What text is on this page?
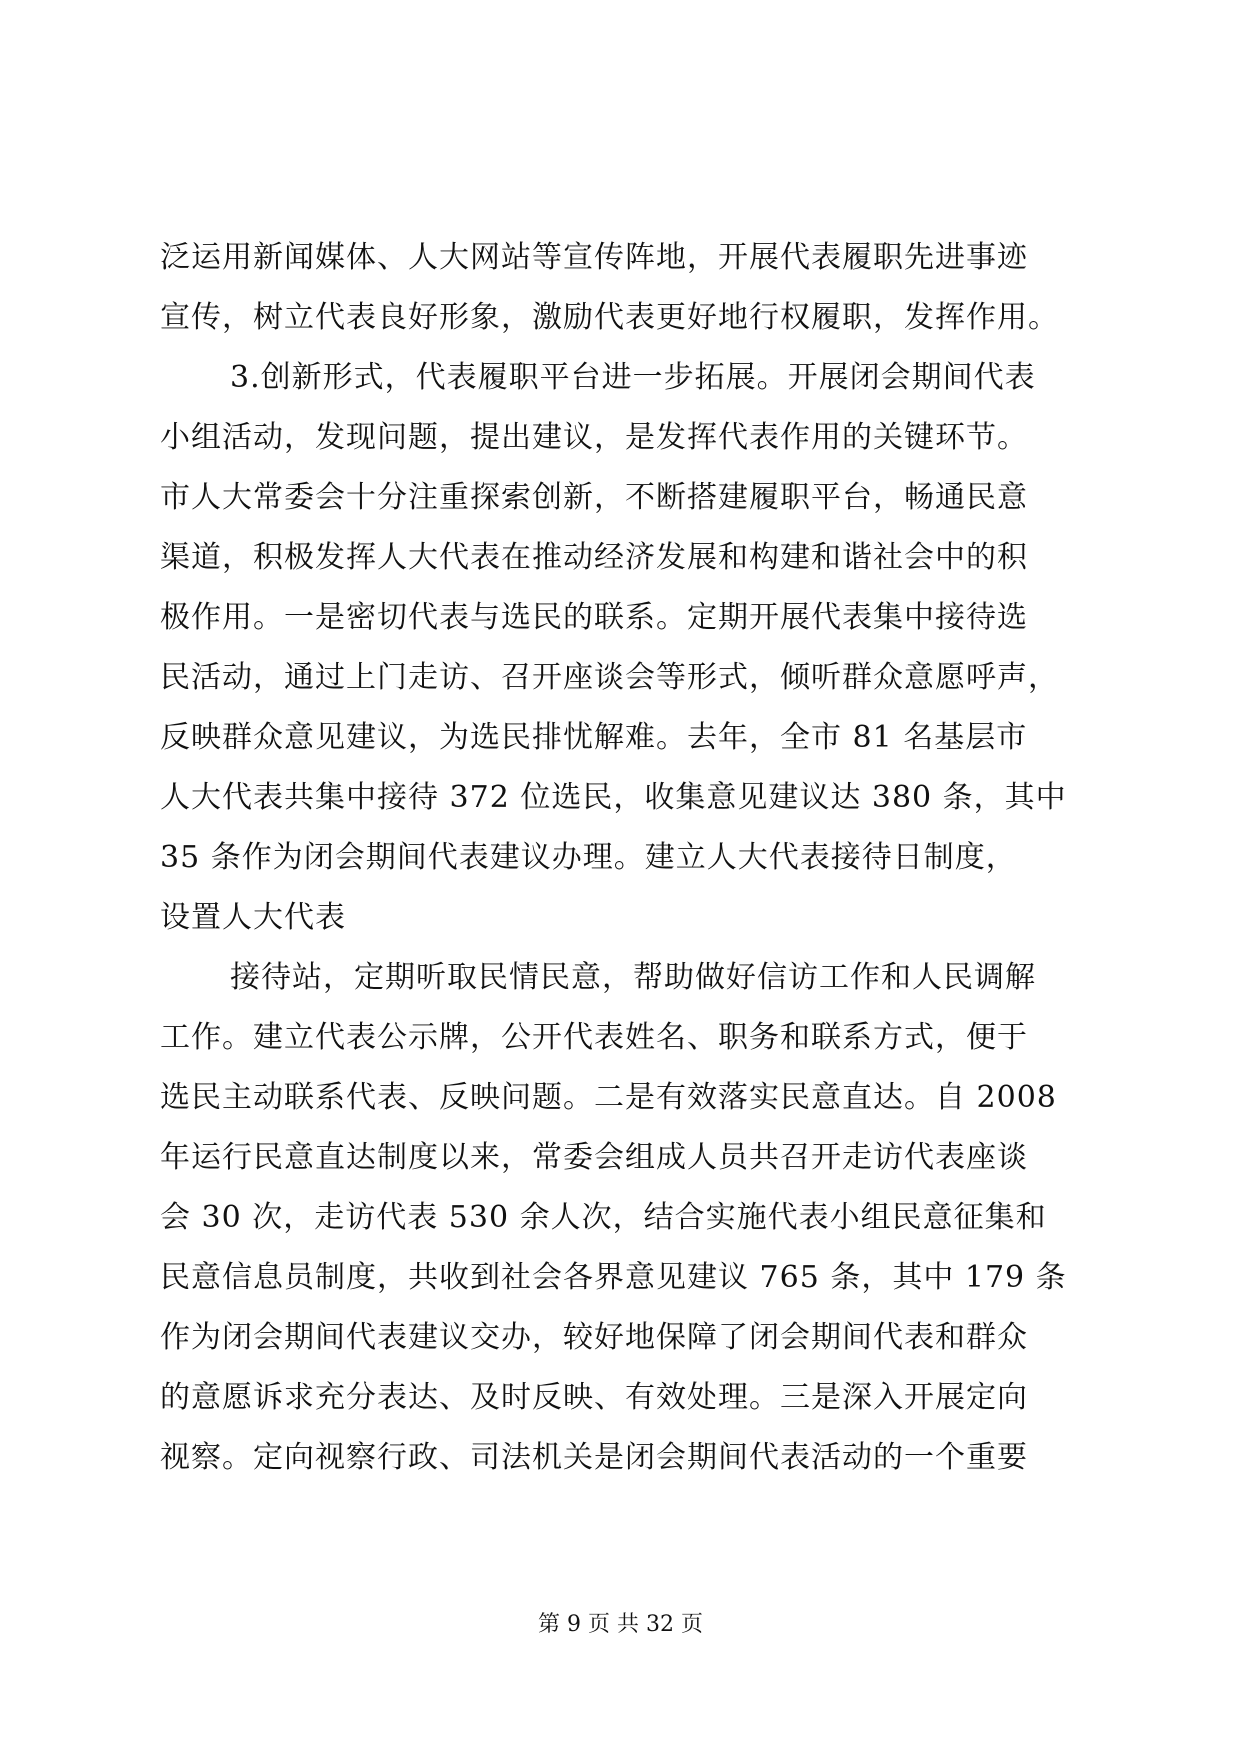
泛运用新闻媒体、人大网站等宣传阵地，开展代表履职先进事迹
宣传，树立代表良好形象，激励代表更好地行权履职，发挥作用。
3.创新形式，代表履职平台进一步拓展。开展闭会期间代表
小组活动，发现问题，提出建议，是发挥代表作用的关键环节。
市人大常委会十分注重探索创新，不断搭建履职平台，畅通民意
渠道，积极发挥人大代表在推动经济发展和构建和谐社会中的积
极作用。一是密切代表与选民的联系。定期开展代表集中接待选
民活动，通过上门走访、召开座谈会等形式，倾听群众意愿呼声，
反映群众意见建议，为选民排忧解难。去年，全市 81 名基层市
人大代表共集中接待 372 位选民，收集意见建议达 380 条，其中
35 条作为闭会期间代表建议办理。建立人大代表接待日制度，
设置人大代表
接待站，定期听取民情民意，帮助做好信访工作和人民调解
工作。建立代表公示牌，公开代表姓名、职务和联系方式，便于
选民主动联系代表、反映问题。二是有效落实民意直达。自 2008
年运行民意直达制度以来，常委会组成人员共召开走访代表座谈
会 30 次，走访代表 530 余人次，结合实施代表小组民意征集和
民意信息员制度，共收到社会各界意见建议 765 条，其中 179 条
作为闭会期间代表建议交办，较好地保障了闭会期间代表和群众
的意愿诉求充分表达、及时反映、有效处理。三是深入开展定向
视察。定向视察行政、司法机关是闭会期间代表活动的一个重要
第 9 页 共 32 页
